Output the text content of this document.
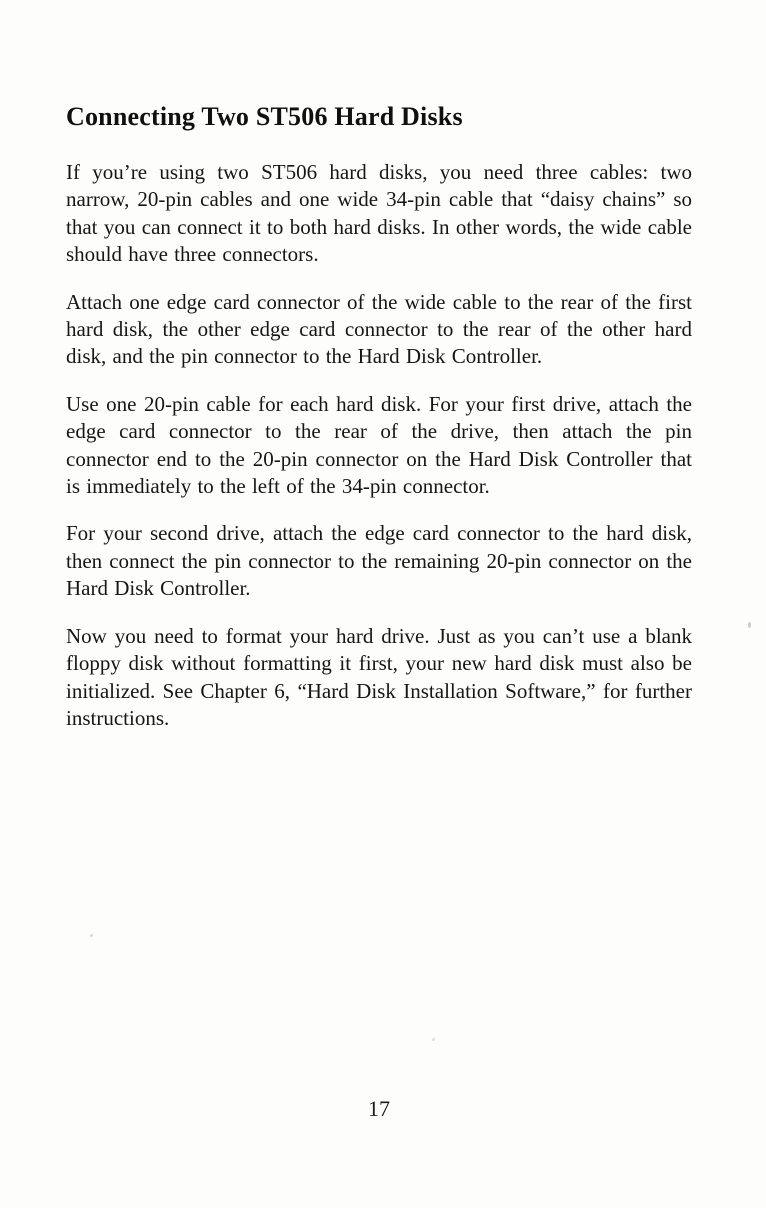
Connecting Two ST506 Hard Disks

If you’re using two ST506 hard disks, you need three cables: two narrow, 20-pin cables and one wide 34-pin cable that “daisy chains” so that you can connect it to both hard disks. In other words, the wide cable should have three connectors.

Attach one edge card connector of the wide cable to the rear of the first hard disk, the other edge card connector to the rear of the other hard disk, and the pin connector to the Hard Disk Controller.

Use one 20-pin cable for each hard disk. For your first drive, attach the edge card connector to the rear of the drive, then attach the pin connector end to the 20-pin connector on the Hard Disk Controller that is immediately to the left of the 34-pin connector.

For your second drive, attach the edge card connector to the hard disk, then connect the pin connector to the remaining 20-pin connector on the Hard Disk Controller.

Now you need to format your hard drive. Just as you can’t use a blank floppy disk without formatting it first, your new hard disk must also be initialized. See Chapter 6, “Hard Disk Installation Software,” for further instructions.

17
